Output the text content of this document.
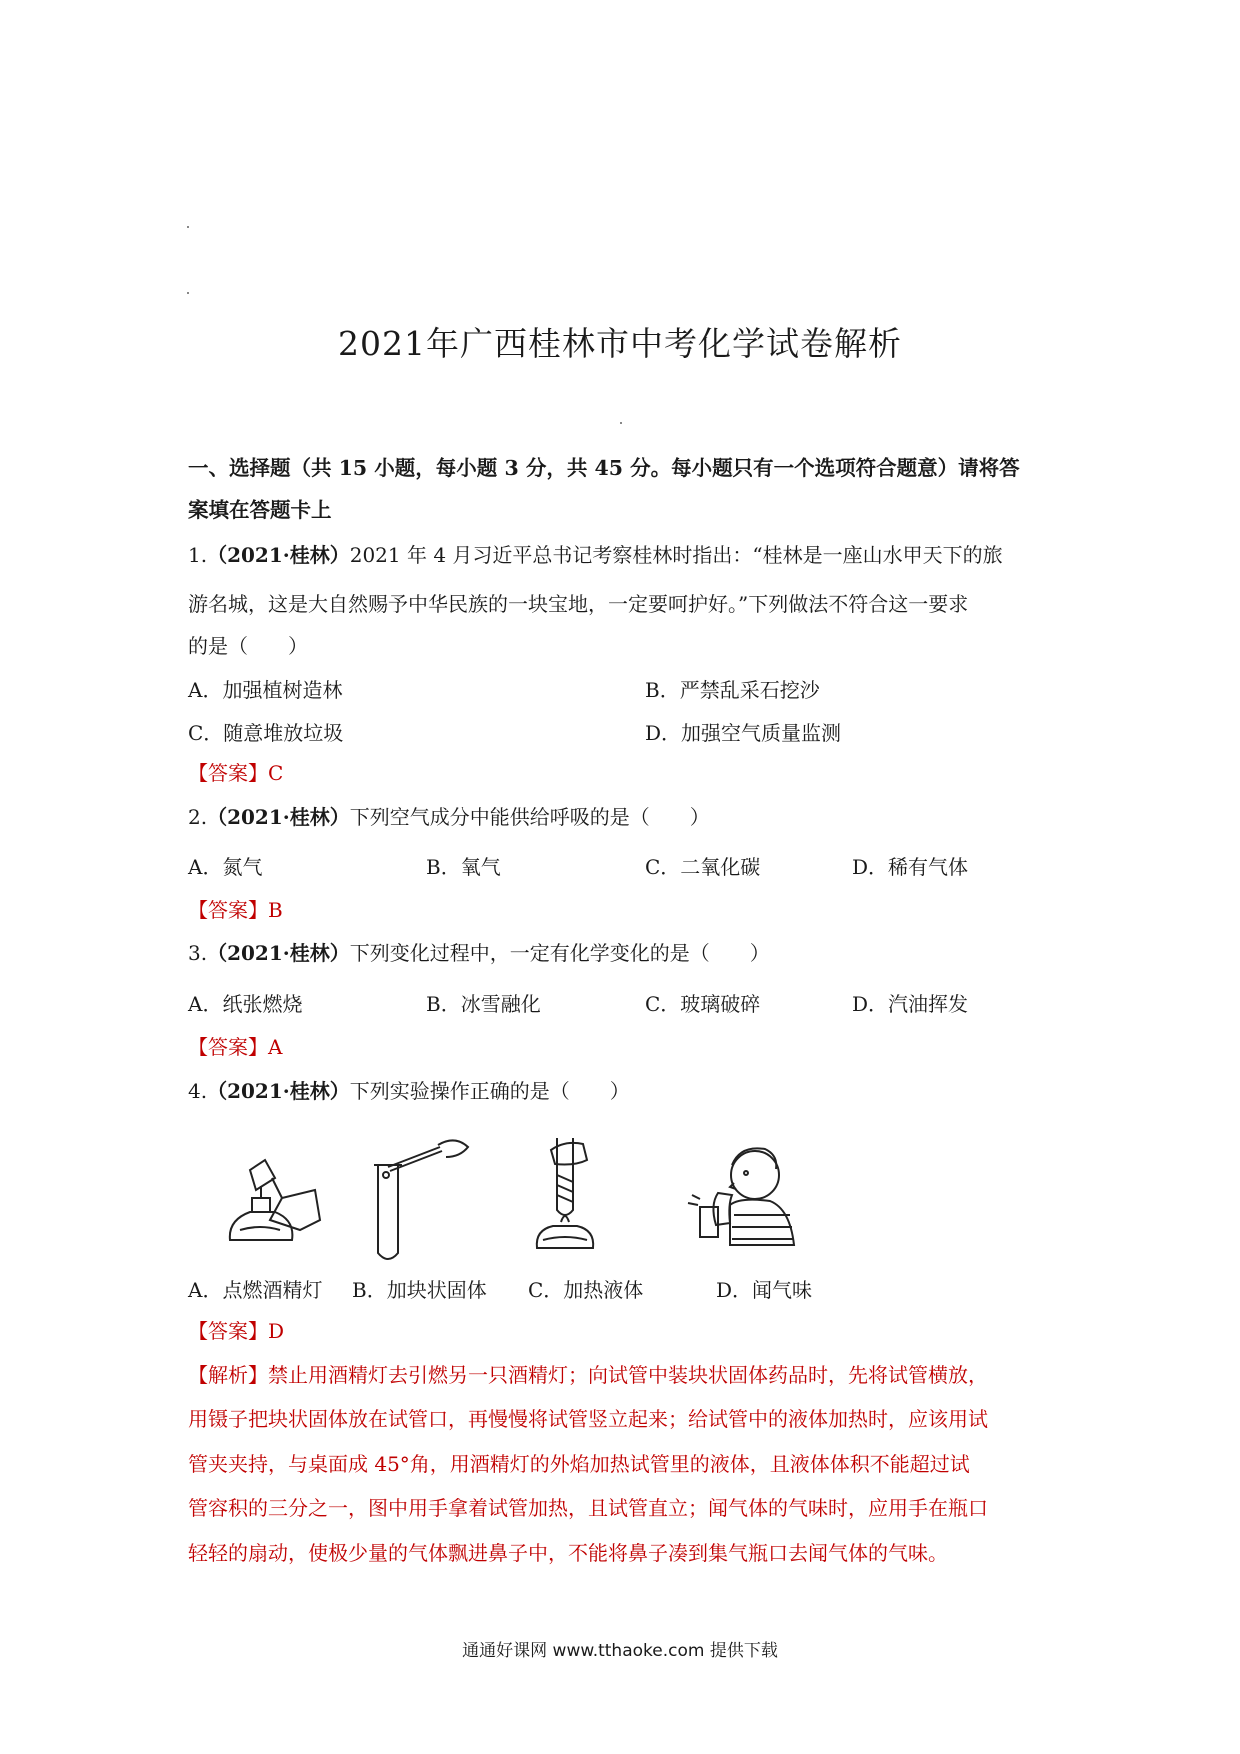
2021年广西桂林市中考化学试卷解析
一、选择题（共 15 小题，每小题 3 分，共 45 分。每小题只有一个选项符合题意）请将答
案填在答题卡上
1.（2021·桂林）2021 年 4 月习近平总书记考察桂林时指出：“桂林是一座山水甲天下的旅
游名城，这是大自然赐予中华民族的一块宝地，一定要呵护好。”下列做法不符合这一要求
的是（　　）
A．加强植树造林	B．严禁乱采石挖沙
C．随意堆放垃圾	D．加强空气质量监测
【答案】C
2.（2021·桂林）下列空气成分中能供给呼吸的是（　　）
A．氮气	B．氧气	C．二氧化碳	D．稀有气体
【答案】B
3.（2021·桂林）下列变化过程中，一定有化学变化的是（　　）
A．纸张燃烧	B．冰雪融化	C．玻璃破碎	D．汽油挥发
【答案】A
4.（2021·桂林）下列实验操作正确的是（　　）
A．点燃酒精灯 B．加块状固体 C．加热液体	D．闻气味
【答案】D
【解析】禁止用酒精灯去引燃另一只酒精灯；向试管中装块状固体药品时，先将试管横放，
用镊子把块状固体放在试管口，再慢慢将试管竖立起来；给试管中的液体加热时，应该用试
管夹夹持，与桌面成 45°角，用酒精灯的外焰加热试管里的液体，且液体体积不能超过试
管容积的三分之一，图中用手拿着试管加热，且试管直立；闻气体的气味时，应用手在瓶口
轻轻的扇动，使极少量的气体飘进鼻子中，不能将鼻子凑到集气瓶口去闻气体的气味。
通通好课网 www.tthaoke.com 提供下载
